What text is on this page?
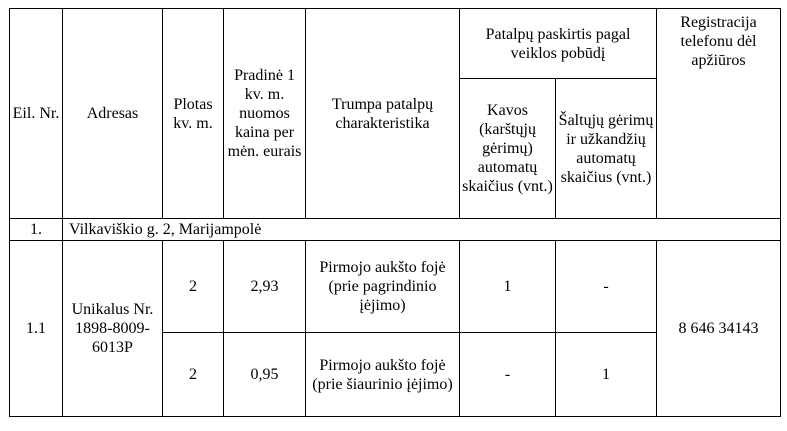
Eil. Nr.	Adresas	Plotas kv. m.	Pradinė 1 kv. m. nuomos kaina per mėn. eurais	Trumpa patalpų charakteristika	Patalpų paskirtis pagal veiklos pobūdį		Registracija telefonu dėl apžiūros

					Kavos (karštųjų gėrimų) automatų skaičius (vnt.)	Šaltųjų gėrimų ir užkandžių automatų skaičius (vnt.)	

1.	Vilkaviškio g. 2, Marijampolė						

1.1	Unikalus Nr. 1898-8009-6013P	2	2,93	Pirmojo aukšto fojė (prie pagrindinio įėjimo)	1	-	8 646 34143

		2	0,95	Pirmojo aukšto fojė (prie šiaurinio įėjimo)	-	1	
